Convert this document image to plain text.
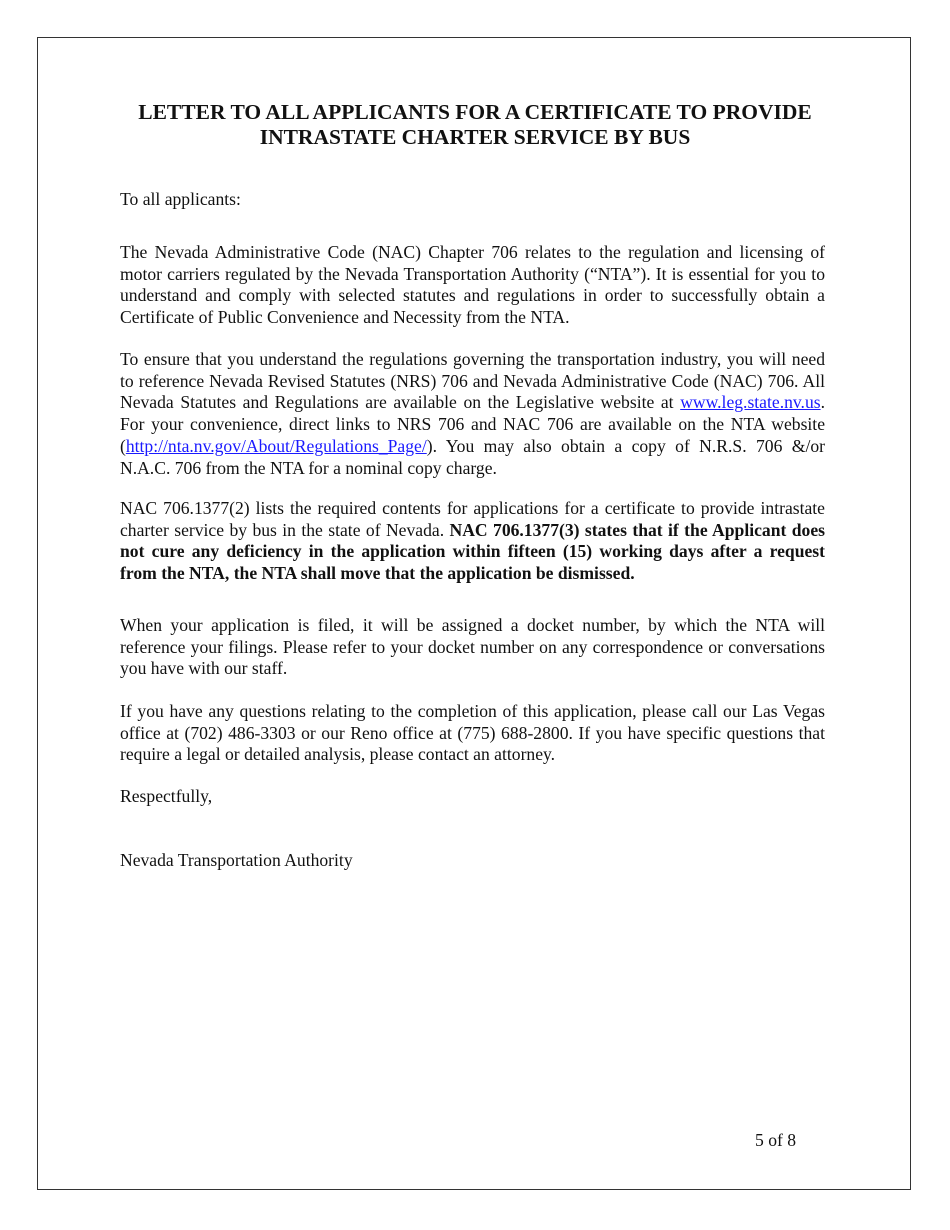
LETTER TO ALL APPLICANTS FOR A CERTIFICATE TO PROVIDE
INTRASTATE CHARTER SERVICE BY BUS

To all applicants:

The Nevada Administrative Code (NAC) Chapter 706 relates to the regulation and licensing of motor carriers regulated by the Nevada Transportation Authority (“NTA”). It is essential for you to understand and comply with selected statutes and regulations in order to successfully obtain a Certificate of Public Convenience and Necessity from the NTA.

To ensure that you understand the regulations governing the transportation industry, you will need to reference Nevada Revised Statutes (NRS) 706 and Nevada Administrative Code (NAC) 706. All Nevada Statutes and Regulations are available on the Legislative website at www.leg.state.nv.us. For your convenience, direct links to NRS 706 and NAC 706 are available on the NTA website (http://nta.nv.gov/About/Regulations_Page/). You may also obtain a copy of N.R.S. 706 &/or N.A.C. 706 from the NTA for a nominal copy charge.

NAC 706.1377(2) lists the required contents for applications for a certificate to provide intrastate charter service by bus in the state of Nevada. NAC 706.1377(3) states that if the Applicant does not cure any deficiency in the application within fifteen (15) working days after a request from the NTA, the NTA shall move that the application be dismissed.

When your application is filed, it will be assigned a docket number, by which the NTA will reference your filings. Please refer to your docket number on any correspondence or conversations you have with our staff.

If you have any questions relating to the completion of this application, please call our Las Vegas office at (702) 486-3303 or our Reno office at (775) 688-2800. If you have specific questions that require a legal or detailed analysis, please contact an attorney.

Respectfully,

Nevada Transportation Authority

5 of 8
